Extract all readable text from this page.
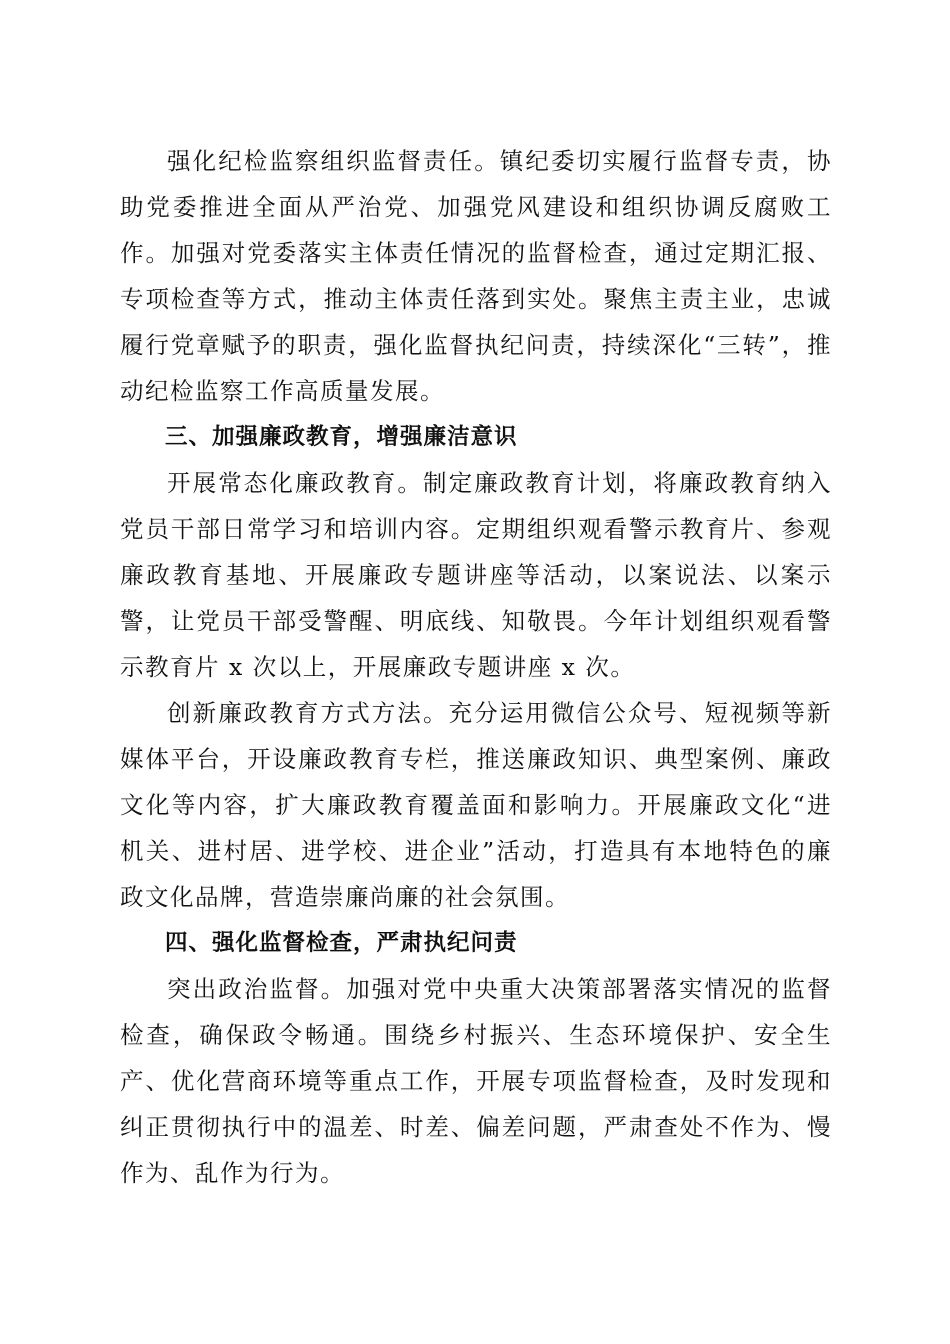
强化纪检监察组织监督责任。镇纪委切实履行监督专责，协助党委推进全面从严治党、加强党风建设和组织协调反腐败工作。加强对党委落实主体责任情况的监督检查，通过定期汇报、专项检查等方式，推动主体责任落到实处。聚焦主责主业，忠诚履行党章赋予的职责，强化监督执纪问责，持续深化“三转”，推动纪检监察工作高质量发展。

三、加强廉政教育，增强廉洁意识

开展常态化廉政教育。制定廉政教育计划，将廉政教育纳入党员干部日常学习和培训内容。定期组织观看警示教育片、参观廉政教育基地、开展廉政专题讲座等活动，以案说法、以案示警，让党员干部受警醒、明底线、知敬畏。今年计划组织观看警示教育片 x 次以上，开展廉政专题讲座 x 次。

创新廉政教育方式方法。充分运用微信公众号、短视频等新媒体平台，开设廉政教育专栏，推送廉政知识、典型案例、廉政文化等内容，扩大廉政教育覆盖面和影响力。开展廉政文化“进机关、进村居、进学校、进企业”活动，打造具有本地特色的廉政文化品牌，营造崇廉尚廉的社会氛围。

四、强化监督检查，严肃执纪问责

突出政治监督。加强对党中央重大决策部署落实情况的监督检查，确保政令畅通。围绕乡村振兴、生态环境保护、安全生产、优化营商环境等重点工作，开展专项监督检查，及时发现和纠正贯彻执行中的温差、时差、偏差问题，严肃查处不作为、慢作为、乱作为行为。
